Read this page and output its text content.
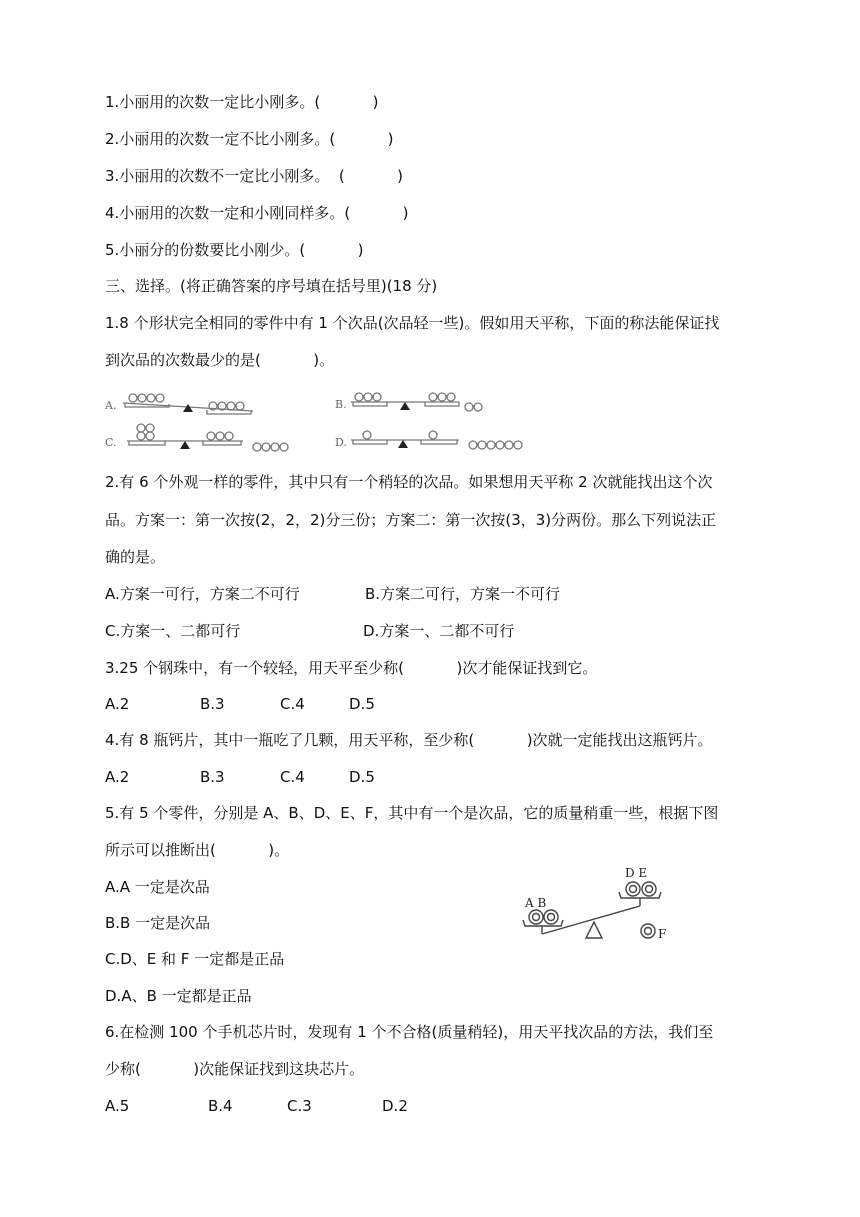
1.小丽用的次数一定比小刚多。(           )
2.小丽用的次数一定不比小刚多。(           )
3.小丽用的次数不一定比小刚多。  (           )
4.小丽用的次数一定和小刚同样多。(           )
5.小丽分的份数要比小刚少。(           )
三、选择。(将正确答案的序号填在括号里)(18 分)
1.8 个形状完全相同的零件中有 1 个次品(次品轻一些)。假如用天平称，下面的称法能保证找
到次品的次数最少的是(           )。
A.	B.
C.	D.
2.有 6 个外观一样的零件，其中只有一个稍轻的次品。如果想用天平称 2 次就能找出这个次
品。方案一：第一次按(2，2，2)分三份；方案二：第一次按(3，3)分两份。那么下列说法正
确的是。
A.方案一可行，方案二不可行	B.方案二可行，方案一不可行
C.方案一、二都可行	D.方案一、二都不可行
3.25 个钢珠中，有一个较轻，用天平至少称(           )次才能保证找到它。
A.2	B.3	C.4	D.5
4.有 8 瓶钙片，其中一瓶吃了几颗，用天平称，至少称(           )次就一定能找出这瓶钙片。
A.2	B.3	C.4	D.5
5.有 5 个零件，分别是 A、B、D、E、F，其中有一个是次品，它的质量稍重一些，根据下图
所示可以推断出(           )。
A.A 一定是次品
B.B 一定是次品
C.D、E 和 F 一定都是正品
D.A、B 一定都是正品
A B
D E
F
6.在检测 100 个手机芯片时，发现有 1 个不合格(质量稍轻)，用天平找次品的方法，我们至
少称(           )次能保证找到这块芯片。
A.5	B.4	C.3	D.2
